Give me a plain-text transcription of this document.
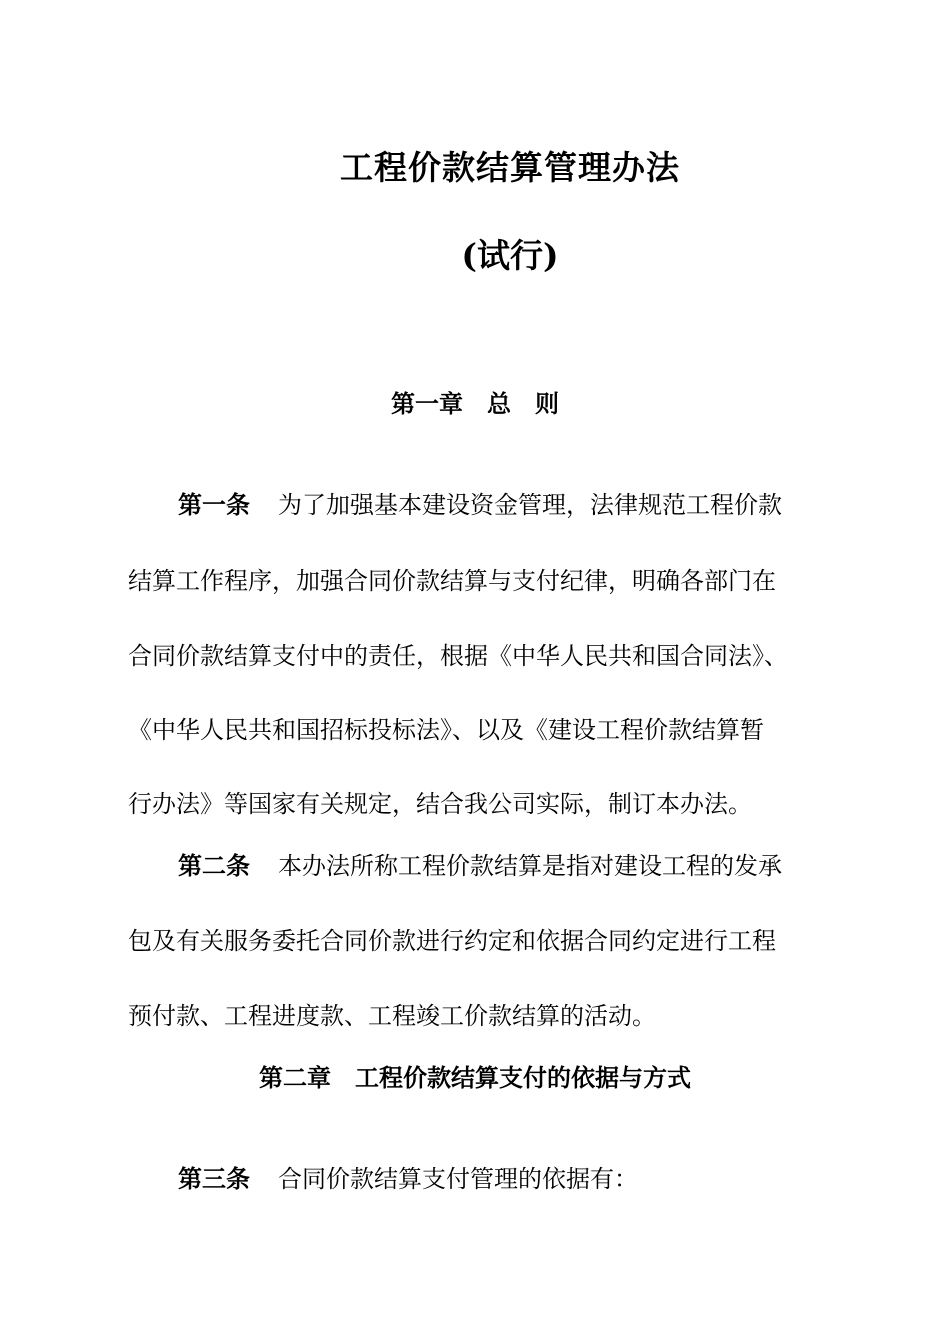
工程价款结算管理办法
(试行)
第一章　总　则
第一条 为了加强基本建设资金管理，法律规范工程价款
结算工作程序，加强合同价款结算与支付纪律，明确各部门在
合同价款结算支付中的责任，根据《中华人民共和国合同法》、
《中华人民共和国招标投标法》、以及《建设工程价款结算暂
行办法》等国家有关规定，结合我公司实际，制订本办法。
第二条 本办法所称工程价款结算是指对建设工程的发承
包及有关服务委托合同价款进行约定和依据合同约定进行工程
预付款、工程进度款、工程竣工价款结算的活动。
第二章　工程价款结算支付的依据与方式
第三条 合同价款结算支付管理的依据有：
